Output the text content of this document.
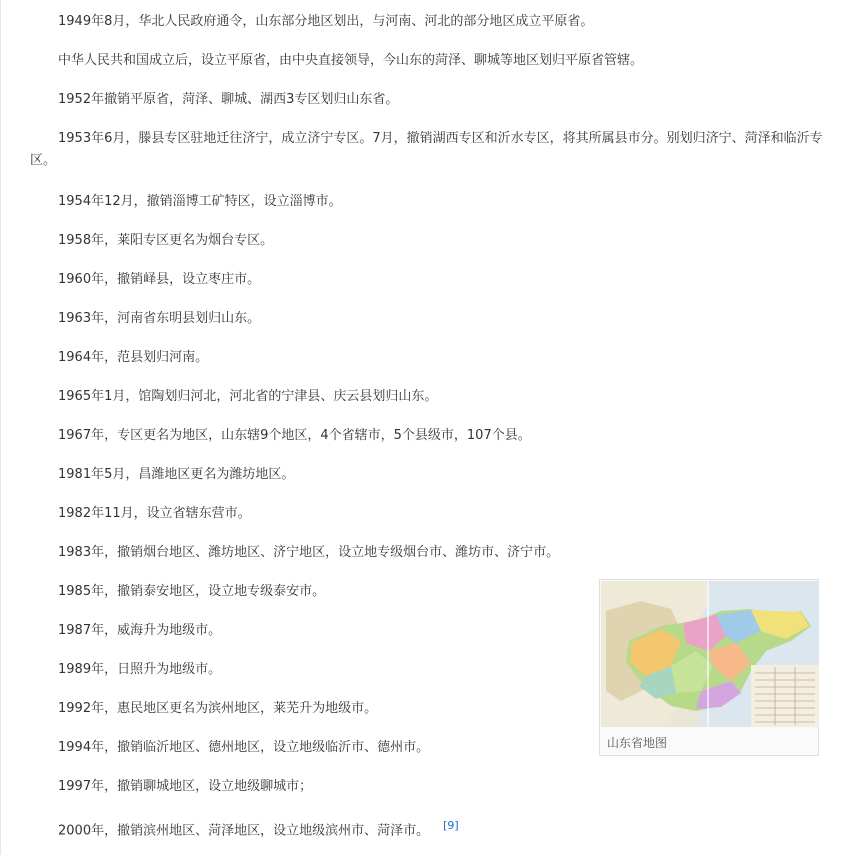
1949年8月，华北人民政府通令，山东部分地区划出，与河南、河北的部分地区成立平原省。

中华人民共和国成立后，设立平原省，由中央直接领导，今山东的菏泽、聊城等地区划归平原省管辖。

1952年撤销平原省，菏泽、聊城、湖西3专区划归山东省。

1953年6月，滕县专区驻地迁往济宁，成立济宁专区。7月，撤销湖西专区和沂水专区，将其所属县市分。别划归济宁、菏泽和临沂专区。

1954年12月，撤销淄博工矿特区，设立淄博市。

1958年，莱阳专区更名为烟台专区。

1960年，撤销峄县，设立枣庄市。

1963年，河南省东明县划归山东。

1964年，范县划归河南。

1965年1月，馆陶划归河北，河北省的宁津县、庆云县划归山东。

1967年，专区更名为地区，山东辖9个地区，4个省辖市，5个县级市，107个县。

1981年5月，昌潍地区更名为潍坊地区。

1982年11月，设立省辖东营市。

1983年，撤销烟台地区、潍坊地区、济宁地区，设立地专级烟台市、潍坊市、济宁市。

1985年，撤销泰安地区，设立地专级泰安市。

1987年，威海升为地级市。

1989年，日照升为地级市。

1992年，惠民地区更名为滨州地区，莱芜升为地级市。

1994年，撤销临沂地区、德州地区，设立地级临沂市、德州市。

1997年，撤销聊城地区，设立地级聊城市；

2000年，撤销滨州地区、菏泽地区，设立地级滨州市、菏泽市。 [9]

山东省地图
